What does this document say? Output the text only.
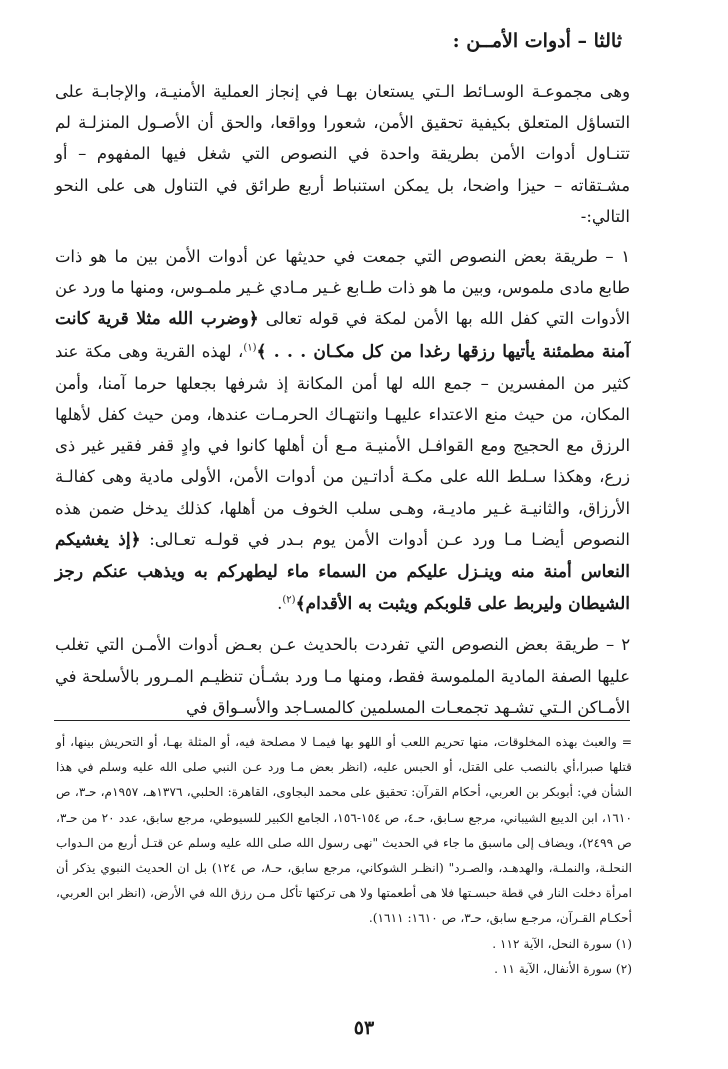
ثالثا – أدوات الأمــن :

وهى مجموعـة الوسـائط الـتي يستعان بهـا في إنجاز العملية الأمنيـة، والإجابـة على التساؤل المتعلق بكيفية تحقيق الأمن، شعورا وواقعا، والحق أن الأصـول المنزلـة لم تتنـاول أدوات الأمن بطريقة واحدة في النصوص التي شغل فيها المفهوم – أو مشـتقاته – حيزا واضحا، بل يمكن استنباط أربع طرائق في التناول هى على النحو التالي:-

١ – طريقة بعض النصوص التي جمعت في حديثها عن أدوات الأمن بين ما هو ذات طابع مادى ملموس، وبين ما هو ذات طـابع غـير مـادي غـير ملمـوس، ومنها ما ورد عن الأدوات التي كفل الله بها الأمن لمكة في قوله تعالى ﴿وضرب الله مثلا قرية كانت آمنة مطمئنة يأتيها رزقها رغدا من كل مكـان . . . ﴾$^{(١)}$، لهذه القرية وهى مكة عند كثير من المفسرين – جمع الله لها أمن المكانة إذ شرفها بجعلها حرما آمنا، وأمن المكان، من حيث منع الاعتداء عليهـا وانتهـاك الحرمـات عندها، ومن حيث كفل لأهلها الرزق مع الحجيج ومع القوافـل الأمنيـة مـع أن أهلها كانوا في وادٍ قفر فقير غير ذى زرع، وهكذا سـلط الله على مكـة أداتـين من أدوات الأمن، الأولى مادية وهى كفالـة الأرزاق، والثانيـة غـير ماديـة، وهـى سلب الخوف من أهلها، كذلك يدخل ضمن هذه النصوص أيضـا مـا ورد عـن أدوات الأمن يوم بـدر في قولـه تعـالى: ﴿إذ يغشيكم النعاس أمنة منه وينـزل عليكم من السماء ماء ليطهركم به ويذهب عنكم رجز الشيطان وليربط على قلوبكم ويثبت به الأقدام﴾$^{(٢)}$.

٢ – طريقة بعض النصوص التي تفردت بالحديث عـن بعـض أدوات الأمـن التي تغلب عليها الصفة المادية الملموسة فقط، ومنها مـا ورد بشـأن تنظيـم المـرور بالأسلحة في الأمـاكن الـتي تشـهد تجمعـات المسلمين كالمسـاجد والأسـواق في

= والعبث بهذه المخلوقات، منها تحريم اللعب أو اللهو بها فيمـا لا مصلحة فيه، أو المثلة بهـا، أو التحريش بينها، أو قتلها صبرا،أي بالنصب على القتل، أو الحبس عليه، (انظر بعض مـا ورد عـن النبي صلى الله عليه وسلم في هذا الشأن في: أبوبكر بن العربي، أحكام القرآن: تحقيق على محمد البجاوى، القاهرة: الحلبي، ١٣٧٦هـ، ١٩٥٧م، حـ٣، ص ١٦١٠، ابن الديبع الشيباني، مرجع سـابق، حـ٤، ص ١٥٤-١٥٦، الجامع الكبير للسيوطي، مرجع سابق، عدد ٢٠ من حـ٣، ص ٢٤٩٩)، ويضاف إلى ماسبق ما جاء في الحديث "نهى رسول الله صلى الله عليه وسلم عن قتـل أربع من الـدواب النحلـة، والنملـة، والهدهـد، والصـرد" (انظـر الشوكاني، مرجع سابق، حـ٨، ص ١٢٤) بل ان الحديث النبوي يذكر أن امرأة دخلت النار في قطة حبسـتها فلا هى أطعمتها ولا هى تركتها تأكل مـن رزق الله في الأرض، (انظر ابن العربي، أحكـام القـرآن، مرجـع سابق، حـ٣، ص ١٦١٠: ١٦١١).

(١) سورة النحل، الآية ١١٢ .
(٢) سورة الأنفال، الآية ١١ .
٥٣
